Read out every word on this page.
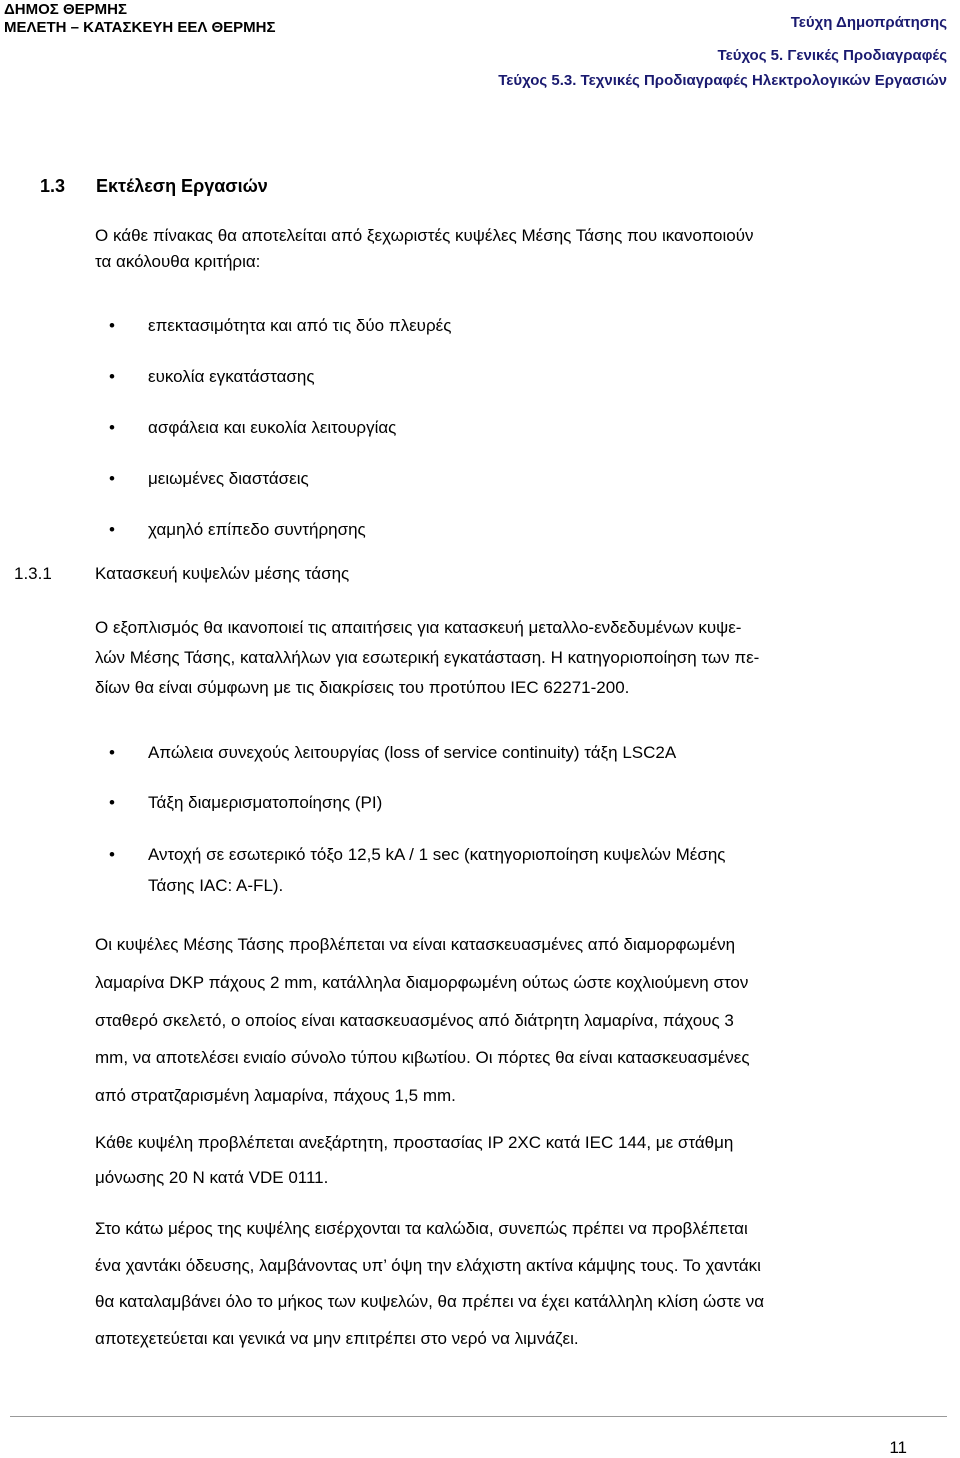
ΔΗΜΟΣ ΘΕΡΜΗΣ
ΜΕΛΕΤΗ – ΚΑΤΑΣΚΕΥΗ ΕΕΛ ΘΕΡΜΗΣ	Τεύχη Δημοπράτησης
Τεύχος 5. Γενικές Προδιαγραφές
Τεύχος 5.3. Τεχνικές Προδιαγραφές Ηλεκτρολογικών Εργασιών
1.3 Εκτέλεση Εργασιών
Ο κάθε πίνακας θα αποτελείται από ξεχωριστές κυψέλες Μέσης Τάσης που ικανοποιούν
τα ακόλουθα κριτήρια:
• επεκτασιμότητα και από τις δύο πλευρές
• ευκολία εγκατάστασης
• ασφάλεια και ευκολία λειτουργίας
• μειωμένες διαστάσεις
• χαμηλό επίπεδο συντήρησης
1.3.1	Κατασκευή κυψελών μέσης τάσης
Ο εξοπλισμός θα ικανοποιεί τις απαιτήσεις για κατασκευή μεταλλο-ενδεδυμένων κυψε-
λών Μέσης Τάσης, καταλλήλων για εσωτερική εγκατάσταση. Η κατηγοριοποίηση των πε-
δίων θα είναι σύμφωνη με τις διακρίσεις του προτύπου IEC 62271-200.
• Απώλεια συνεχούς λειτουργίας (loss of service continuity) τάξη LSC2A
• Τάξη διαμερισματοποίησης (PI)
• Αντοχή σε εσωτερικό τόξο 12,5 kA / 1 sec (κατηγοριοποίηση κυψελών Μέσης
Τάσης IAC: A-FL).
Οι κυψέλες Μέσης Τάσης προβλέπεται να είναι κατασκευασμένες από διαμορφωμένη
λαμαρίνα DKP πάχους 2 mm, κατάλληλα διαμορφωμένη ούτως ώστε κοχλιούμενη στον
σταθερό σκελετό, ο οποίος είναι κατασκευασμένος από διάτρητη λαμαρίνα, πάχους 3
mm, να αποτελέσει ενιαίο σύνολο τύπου κιβωτίου. Οι πόρτες θα είναι κατασκευασμένες
από στρατζαρισμένη λαμαρίνα, πάχους 1,5 mm.
Κάθε κυψέλη προβλέπεται ανεξάρτητη, προστασίας IP 2XC κατά IEC 144, με στάθμη
μόνωσης 20 Ν κατά VDE 0111.
Στο κάτω μέρος της κυψέλης εισέρχονται τα καλώδια, συνεπώς πρέπει να προβλέπεται
ένα χαντάκι όδευσης, λαμβάνοντας υπ’ όψη την ελάχιστη ακτίνα κάμψης τους. Το χαντάκι
θα καταλαμβάνει όλο το μήκος των κυψελών, θα πρέπει να έχει κατάλληλη κλίση ώστε να
αποτεχετεύεται και γενικά να μην επιτρέπει στο νερό να λιμνάζει.
11
